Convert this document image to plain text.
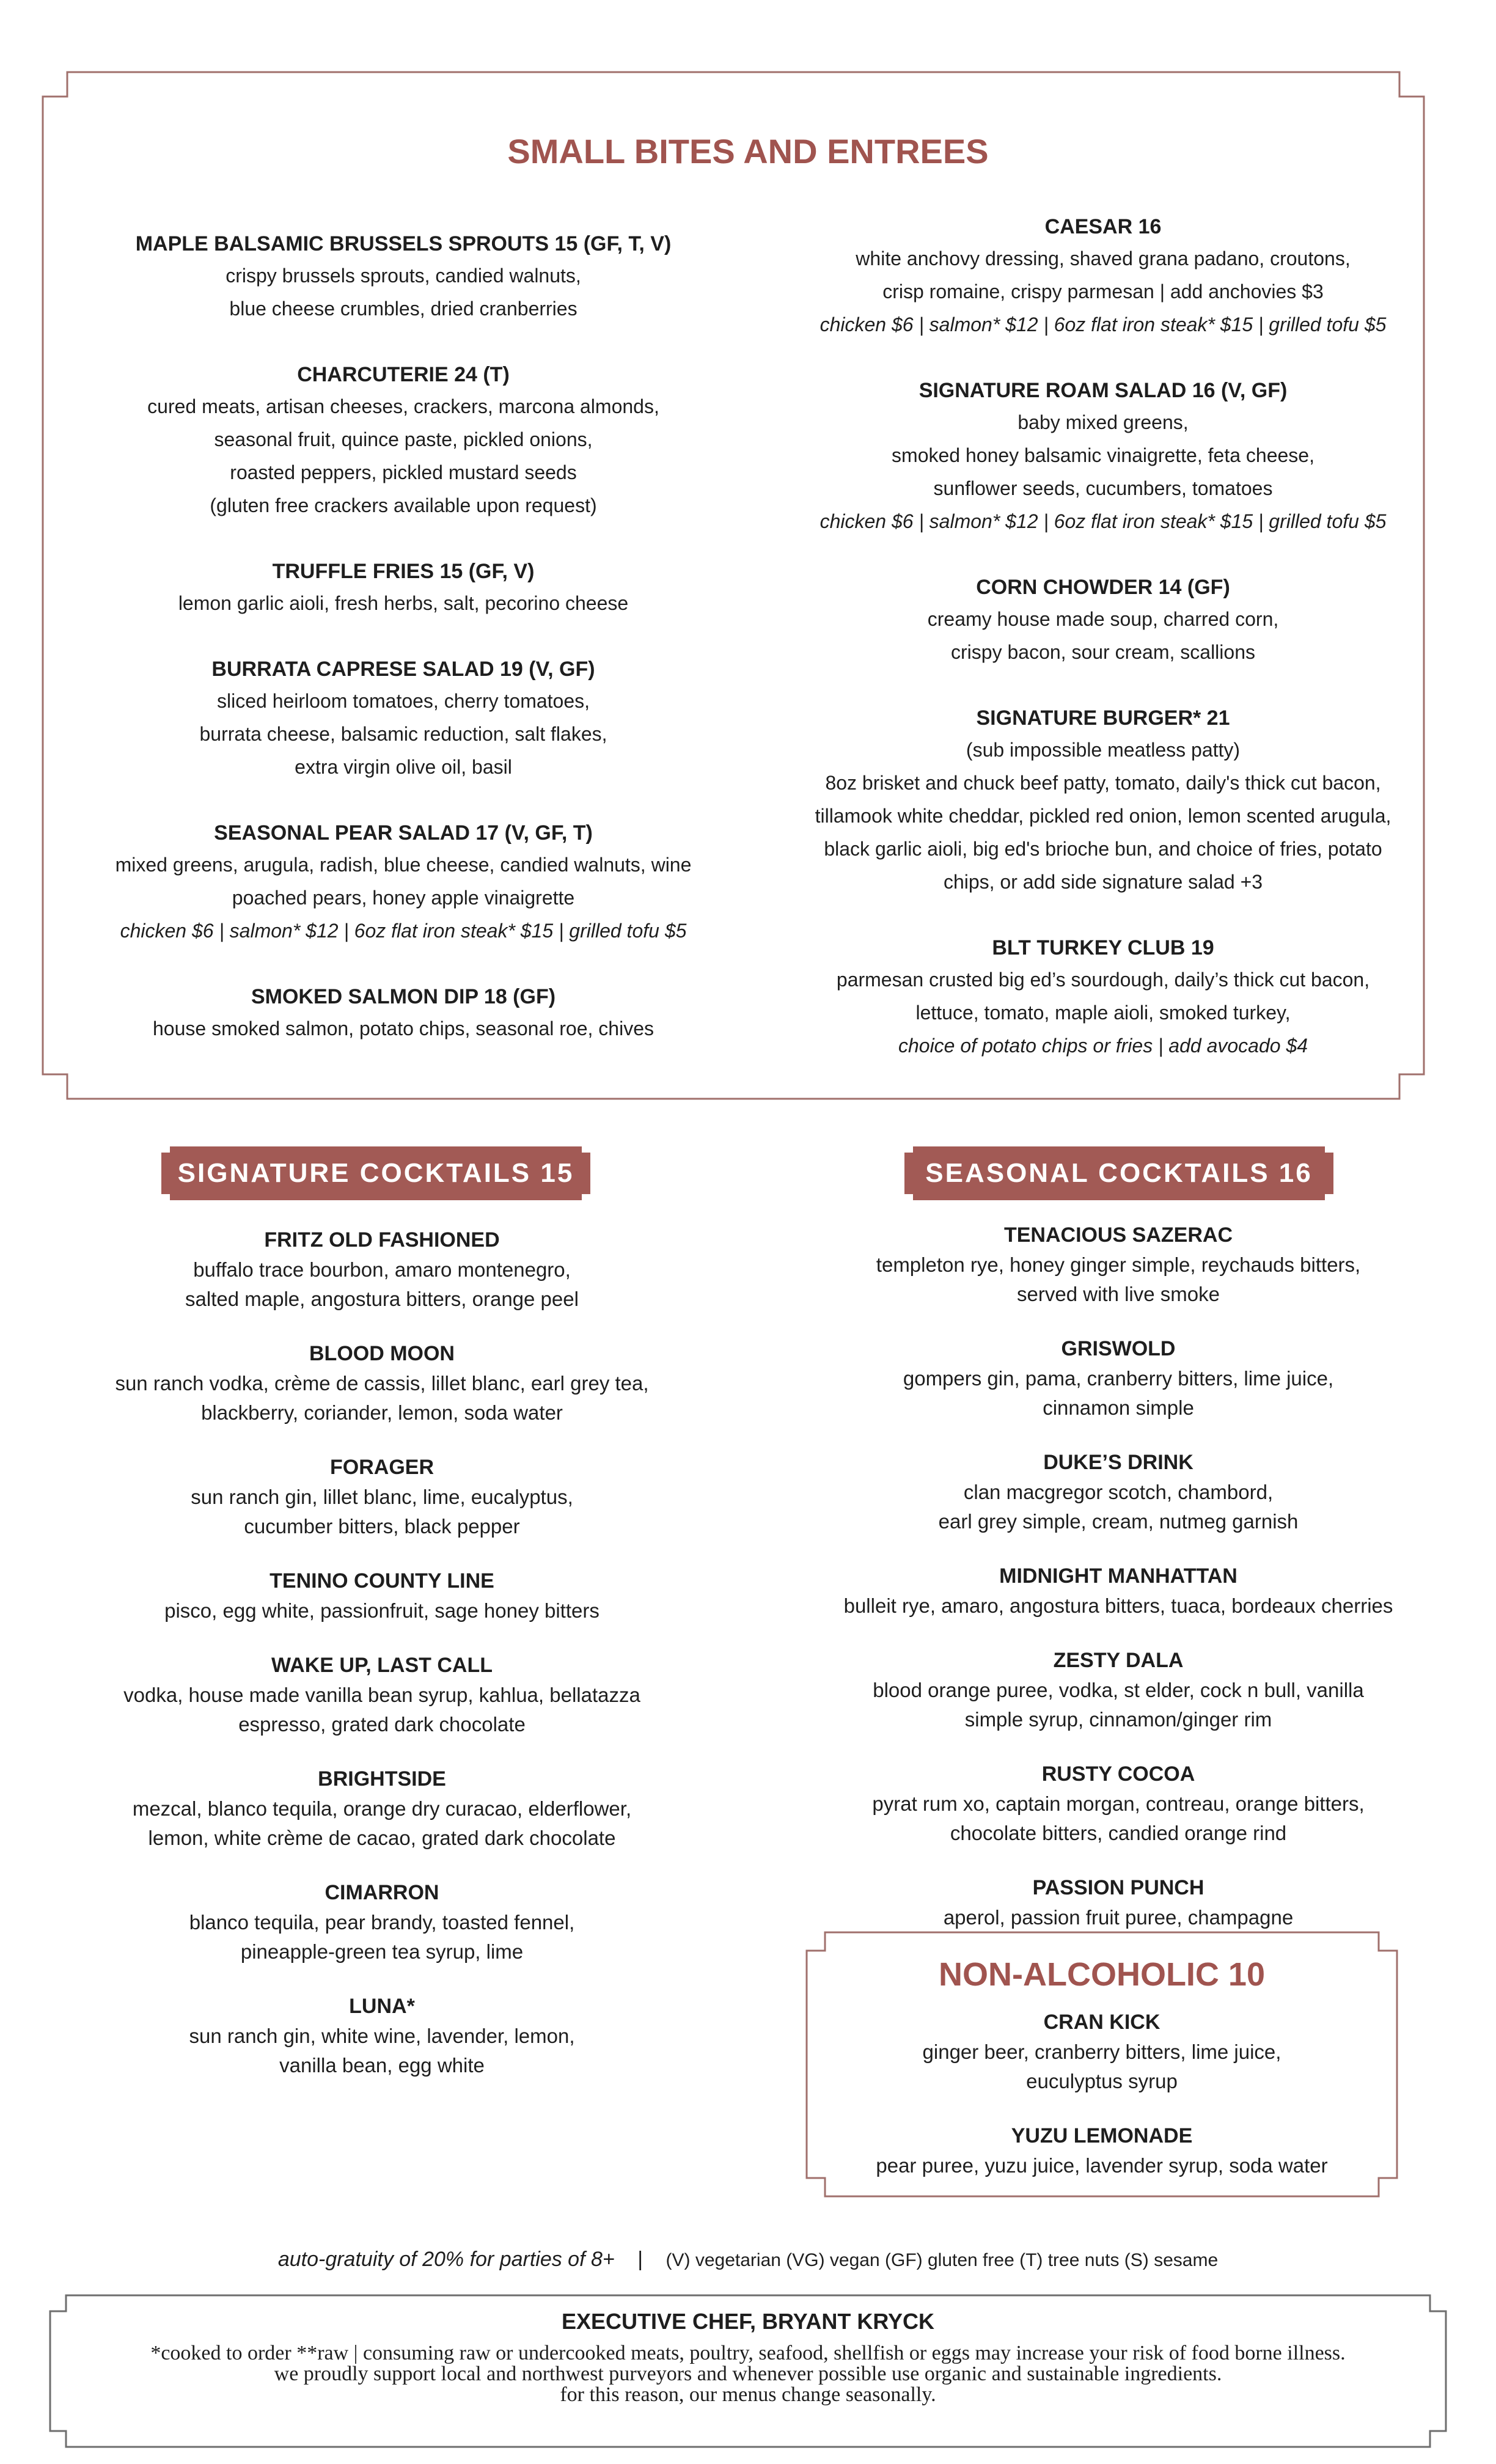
SMALL BITES AND ENTREES
MAPLE BALSAMIC BRUSSELS SPROUTS 15 (GF, T, V)
crispy brussels sprouts, candied walnuts,
blue cheese crumbles, dried cranberries
CHARCUTERIE 24 (T)
cured meats, artisan cheeses, crackers, marcona almonds,
seasonal fruit, quince paste, pickled onions,
roasted peppers, pickled mustard seeds
(gluten free crackers available upon request)
TRUFFLE FRIES 15 (GF, V)
lemon garlic aioli, fresh herbs, salt, pecorino cheese
BURRATA CAPRESE SALAD 19 (V, GF)
sliced heirloom tomatoes, cherry tomatoes,
burrata cheese, balsamic reduction, salt flakes,
extra virgin olive oil, basil
SEASONAL PEAR SALAD 17 (V, GF, T)
mixed greens, arugula, radish, blue cheese, candied walnuts, wine
poached pears, honey apple vinaigrette
chicken $6 | salmon* $12 | 6oz flat iron steak* $15 | grilled tofu $5
SMOKED SALMON DIP 18 (GF)
house smoked salmon, potato chips, seasonal roe, chives
CAESAR 16
white anchovy dressing, shaved grana padano, croutons,
crisp romaine, crispy parmesan | add anchovies $3
chicken $6 | salmon* $12 | 6oz flat iron steak* $15 | grilled tofu $5
SIGNATURE ROAM SALAD 16 (V, GF)
baby mixed greens,
smoked honey balsamic vinaigrette, feta cheese,
sunflower seeds, cucumbers, tomatoes
chicken $6 | salmon* $12 | 6oz flat iron steak* $15 | grilled tofu $5
CORN CHOWDER 14 (GF)
creamy house made soup, charred corn,
crispy bacon, sour cream, scallions
SIGNATURE BURGER* 21
(sub impossible meatless patty)
8oz brisket and chuck beef patty, tomato, daily's thick cut bacon,
tillamook white cheddar, pickled red onion, lemon scented arugula,
black garlic aioli, big ed's brioche bun, and choice of fries, potato
chips, or add side signature salad +3
BLT TURKEY CLUB 19
parmesan crusted big ed’s sourdough, daily’s thick cut bacon,
lettuce, tomato, maple aioli, smoked turkey,
choice of potato chips or fries | add avocado $4
SIGNATURE COCKTAILS 15	SEASONAL COCKTAILS 16
FRITZ OLD FASHIONED
buffalo trace bourbon, amaro montenegro,
salted maple, angostura bitters, orange peel
BLOOD MOON
sun ranch vodka, crème de cassis, lillet blanc, earl grey tea,
blackberry, coriander, lemon, soda water
FORAGER
sun ranch gin, lillet blanc, lime, eucalyptus,
cucumber bitters, black pepper
TENINO COUNTY LINE
pisco, egg white, passionfruit, sage honey bitters
WAKE UP, LAST CALL
vodka, house made vanilla bean syrup, kahlua, bellatazza
espresso, grated dark chocolate
BRIGHTSIDE
mezcal, blanco tequila, orange dry curacao, elderflower,
lemon, white crème de cacao, grated dark chocolate
CIMARRON
blanco tequila, pear brandy, toasted fennel,
pineapple-green tea syrup, lime
LUNA*
sun ranch gin, white wine, lavender, lemon,
vanilla bean, egg white
TENACIOUS SAZERAC
templeton rye, honey ginger simple, reychauds bitters,
served with live smoke
GRISWOLD
gompers gin, pama, cranberry bitters, lime juice,
cinnamon simple
DUKE’S DRINK
clan macgregor scotch, chambord,
earl grey simple, cream, nutmeg garnish
MIDNIGHT MANHATTAN
bulleit rye, amaro, angostura bitters, tuaca, bordeaux cherries
ZESTY DALA
blood orange puree, vodka, st elder, cock n bull, vanilla
simple syrup, cinnamon/ginger rim
RUSTY COCOA
pyrat rum xo, captain morgan, contreau, orange bitters,
chocolate bitters, candied orange rind
PASSION PUNCH
aperol, passion fruit puree, champagne
NON-ALCOHOLIC 10
CRAN KICK
ginger beer, cranberry bitters, lime juice,
euculyptus syrup
YUZU LEMONADE
pear puree, yuzu juice, lavender syrup, soda water
auto-gratuity of 20% for parties of 8+ | (V) vegetarian (VG) vegan (GF) gluten free (T) tree nuts (S) sesame
EXECUTIVE CHEF, BRYANT KRYCK
*cooked to order **raw | consuming raw or undercooked meats, poultry, seafood, shellfish or eggs may increase your risk of food borne illness.
we proudly support local and northwest purveyors and whenever possible use organic and sustainable ingredients.
for this reason, our menus change seasonally.
